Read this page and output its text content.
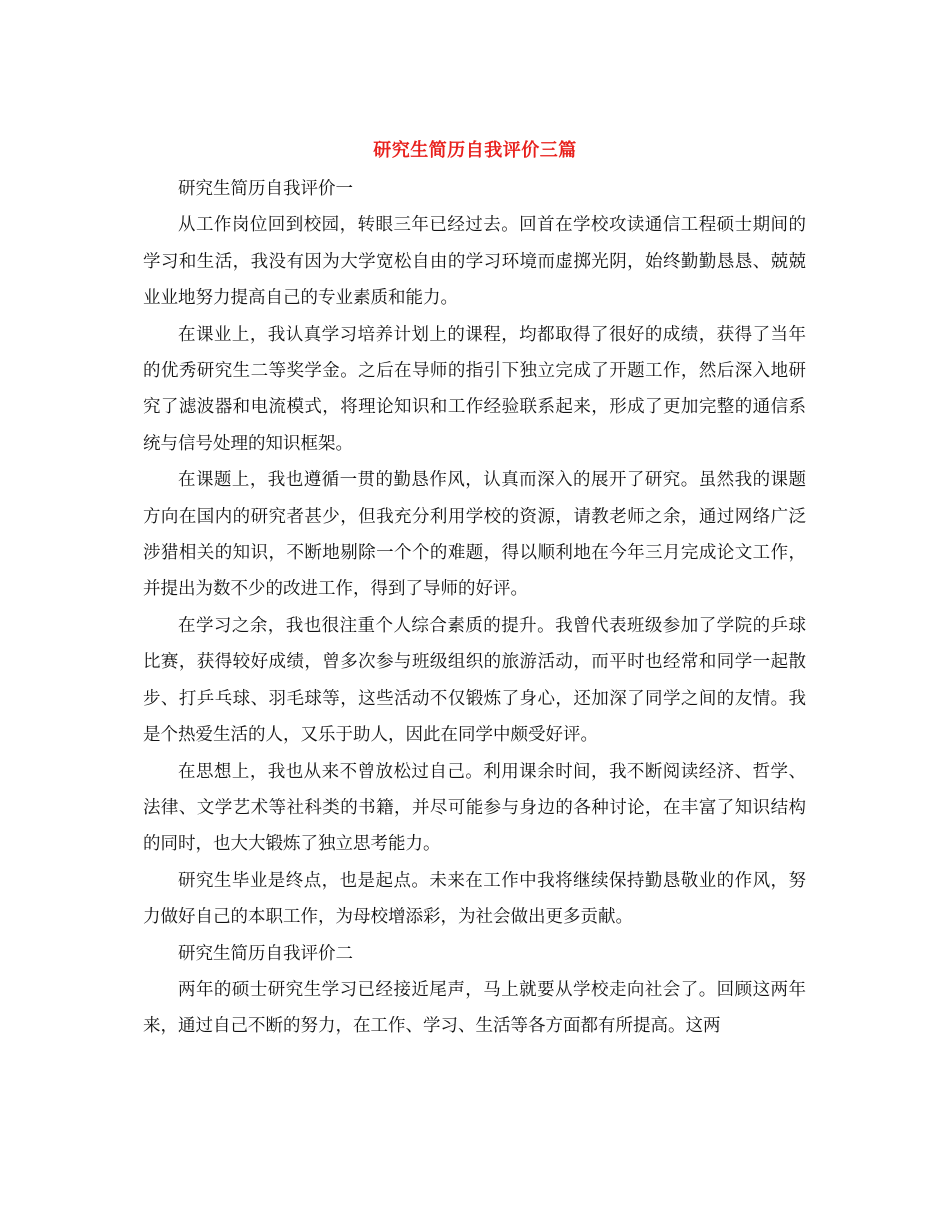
研究生简历自我评价三篇

研究生简历自我评价一

从工作岗位回到校园，转眼三年已经过去。回首在学校攻读通信工程硕士期间的学习和生活，我没有因为大学宽松自由的学习环境而虚掷光阴，始终勤勤恳恳、兢兢业业地努力提高自己的专业素质和能力。

在课业上，我认真学习培养计划上的课程，均都取得了很好的成绩，获得了当年的优秀研究生二等奖学金。之后在导师的指引下独立完成了开题工作，然后深入地研究了滤波器和电流模式，将理论知识和工作经验联系起来，形成了更加完整的通信系统与信号处理的知识框架。

在课题上，我也遵循一贯的勤恳作风，认真而深入的展开了研究。虽然我的课题方向在国内的研究者甚少，但我充分利用学校的资源，请教老师之余，通过网络广泛涉猎相关的知识，不断地剔除一个个的难题，得以顺利地在今年三月完成论文工作，并提出为数不少的改进工作，得到了导师的好评。

在学习之余，我也很注重个人综合素质的提升。我曾代表班级参加了学院的乒球比赛，获得较好成绩，曾多次参与班级组织的旅游活动，而平时也经常和同学一起散步、打乒乓球、羽毛球等，这些活动不仅锻炼了身心，还加深了同学之间的友情。我是个热爱生活的人，又乐于助人，因此在同学中颇受好评。

在思想上，我也从来不曾放松过自己。利用课余时间，我不断阅读经济、哲学、法律、文学艺术等社科类的书籍，并尽可能参与身边的各种讨论，在丰富了知识结构的同时，也大大锻炼了独立思考能力。

研究生毕业是终点，也是起点。未来在工作中我将继续保持勤恳敬业的作风，努力做好自己的本职工作，为母校增添彩，为社会做出更多贡献。

研究生简历自我评价二

两年的硕士研究生学习已经接近尾声，马上就要从学校走向社会了。回顾这两年来，通过自己不断的努力，在工作、学习、生活等各方面都有所提高。这两
